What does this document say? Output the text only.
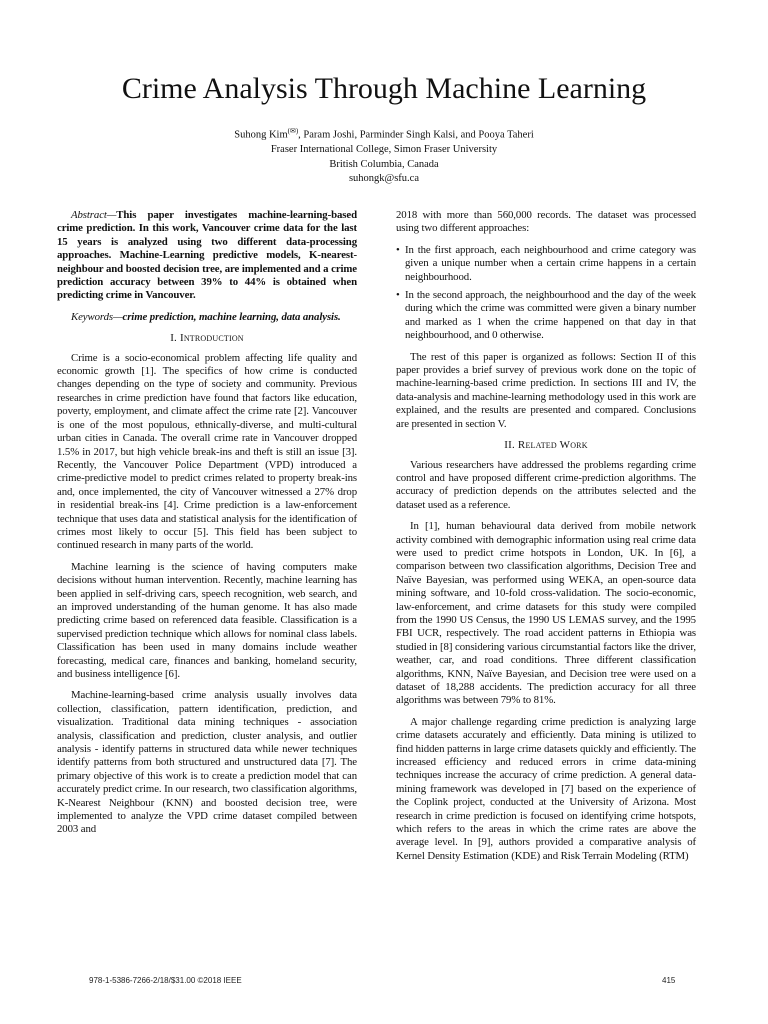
Crime Analysis Through Machine Learning
Suhong Kim(✉), Param Joshi, Parminder Singh Kalsi, and Pooya Taheri
Fraser International College, Simon Fraser University
British Columbia, Canada
suhongk@sfu.ca

Abstract—This paper investigates machine-learning-based crime prediction. In this work, Vancouver crime data for the last 15 years is analyzed using two different data-processing approaches. Machine-Learning predictive models, K-nearest-neighbour and boosted decision tree, are implemented and a crime prediction accuracy between 39% to 44% is obtained when predicting crime in Vancouver.

Keywords—crime prediction, machine learning, data analysis.

I. Introduction

Crime is a socio-economical problem affecting life quality and economic growth [1]. The specifics of how crime is conducted changes depending on the type of society and community. Previous researches in crime prediction have found that factors like education, poverty, employment, and climate affect the crime rate [2]. Vancouver is one of the most populous, ethnically-diverse, and multi-cultural urban cities in Canada. The overall crime rate in Vancouver dropped 1.5% in 2017, but high vehicle break-ins and theft is still an issue [3]. Recently, the Vancouver Police Department (VPD) introduced a crime-predictive model to predict crimes related to property break-ins and, once implemented, the city of Vancouver witnessed a 27% drop in residential break-ins [4]. Crime prediction is a law-enforcement technique that uses data and statistical analysis for the identification of crimes most likely to occur [5]. This field has been subject to continued research in many parts of the world.

Machine learning is the science of having computers make decisions without human intervention. Recently, machine learning has been applied in self-driving cars, speech recognition, web search, and an improved understanding of the human genome. It has also made predicting crime based on referenced data feasible. Classification is a supervised prediction technique which allows for nominal class labels. Classification has been used in many domains include weather forecasting, medical care, finances and banking, homeland security, and business intelligence [6].

Machine-learning-based crime analysis usually involves data collection, classification, pattern identification, prediction, and visualization. Traditional data mining techniques - association analysis, classification and prediction, cluster analysis, and outlier analysis - identify patterns in structured data while newer techniques identify patterns from both structured and unstructured data [7]. The primary objective of this work is to create a prediction model that can accurately predict crime. In our research, two classification algorithms, K-Nearest Neighbour (KNN) and boosted decision tree, were implemented to analyze the VPD crime dataset compiled between 2003 and

2018 with more than 560,000 records. The dataset was processed using two different approaches:

• In the first approach, each neighbourhood and crime category was given a unique number when a certain crime happens in a certain neighbourhood.
• In the second approach, the neighbourhood and the day of the week during which the crime was committed were given a binary number and marked as 1 when the crime happened on that day in that neighbourhood, and 0 otherwise.

The rest of this paper is organized as follows: Section II of this paper provides a brief survey of previous work done on the topic of machine-learning-based crime prediction. In sections III and IV, the data-analysis and machine-learning methodology used in this work are explained, and the results are presented and compared. Conclusions are presented in section V.

II. Related Work

Various researchers have addressed the problems regarding crime control and have proposed different crime-prediction algorithms. The accuracy of prediction depends on the attributes selected and the dataset used as a reference.

In [1], human behavioural data derived from mobile network activity combined with demographic information using real crime data were used to predict crime hotspots in London, UK. In [6], a comparison between two classification algorithms, Decision Tree and Naïve Bayesian, was performed using WEKA, an open-source data mining software, and 10-fold cross-validation. The socio-economic, law-enforcement, and crime datasets for this study were compiled from the 1990 US Census, the 1990 US LEMAS survey, and the 1995 FBI UCR, respectively. The road accident patterns in Ethiopia was studied in [8] considering various circumstantial factors like the driver, weather, car, and road conditions. Three different classification algorithms, KNN, Naïve Bayesian, and Decision tree were used on a dataset of 18,288 accidents. The prediction accuracy for all three algorithms was between 79% to 81%.

A major challenge regarding crime prediction is analyzing large crime datasets accurately and efficiently. Data mining is utilized to find hidden patterns in large crime datasets quickly and efficiently. The increased efficiency and reduced errors in crime data-mining techniques increase the accuracy of crime prediction. A general data-mining framework was developed in [7] based on the experience of the Coplink project, conducted at the University of Arizona. Most research in crime prediction is focused on identifying crime hotspots, which refers to the areas in which the crime rates are above the average level. In [9], authors provided a comparative analysis of Kernel Density Estimation (KDE) and Risk Terrain Modeling (RTM)

978-1-5386-7266-2/18/$31.00 ©2018 IEEE	415
